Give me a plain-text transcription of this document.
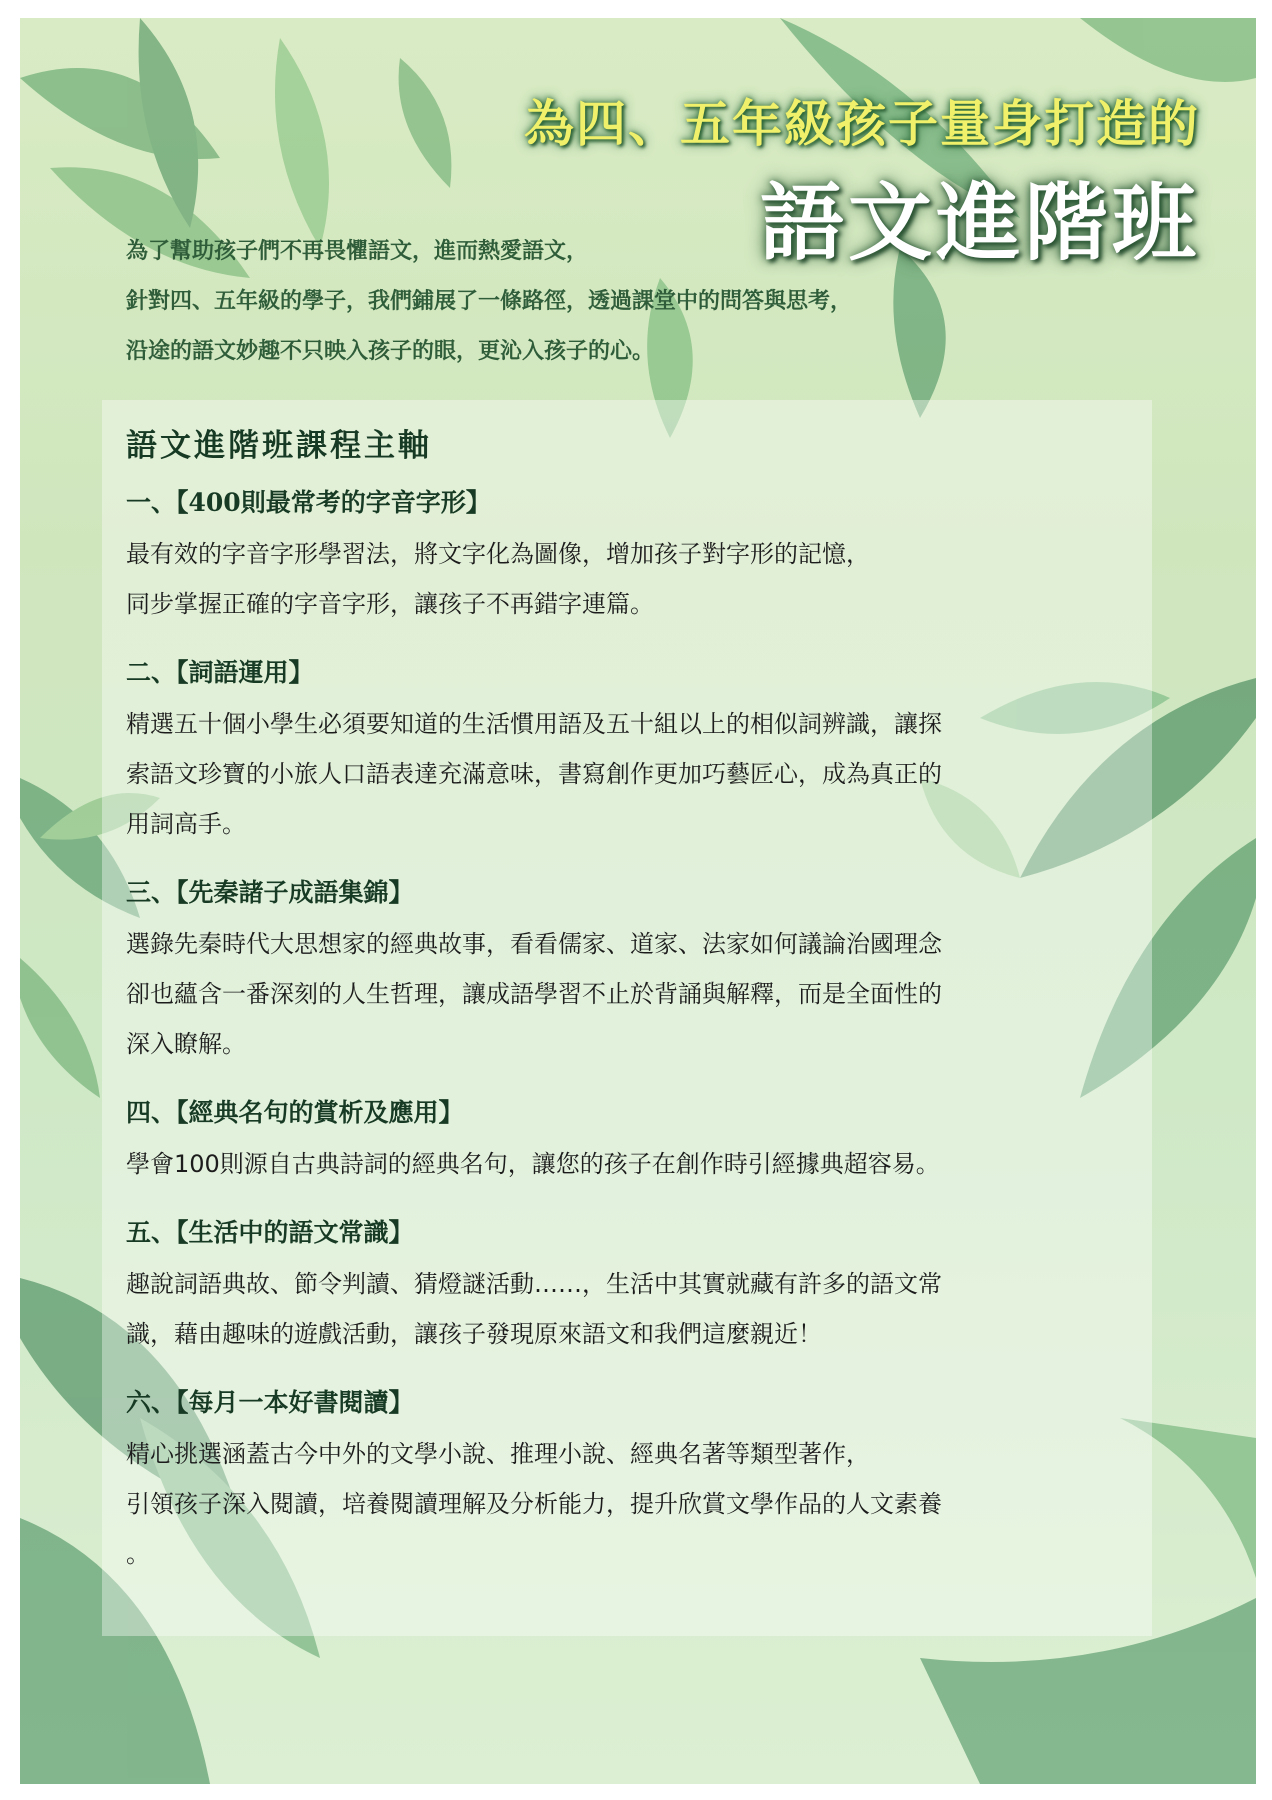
為四、五年級孩子量身打造的
語文進階班
為了幫助孩子們不再畏懼語文，進而熱愛語文，
針對四、五年級的學子，我們鋪展了一條路徑，透過課堂中的問答與思考，
沿途的語文妙趣不只映入孩子的眼，更沁入孩子的心。
語文進階班課程主軸
一、【400則最常考的字音字形】
最有效的字音字形學習法，將文字化為圖像，增加孩子對字形的記憶，
同步掌握正確的字音字形，讓孩子不再錯字連篇。
二、【詞語運用】
精選五十個小學生必須要知道的生活慣用語及五十組以上的相似詞辨識，讓探
索語文珍寶的小旅人口語表達充滿意味，書寫創作更加巧藝匠心，成為真正的
用詞高手。
三、【先秦諸子成語集錦】
選錄先秦時代大思想家的經典故事，看看儒家、道家、法家如何議論治國理念
卻也蘊含一番深刻的人生哲理，讓成語學習不止於背誦與解釋，而是全面性的
深入瞭解。
四、【經典名句的賞析及應用】
學會100則源自古典詩詞的經典名句，讓您的孩子在創作時引經據典超容易。
五、【生活中的語文常識】
趣說詞語典故、節令判讀、猜燈謎活動……，生活中其實就藏有許多的語文常
識，藉由趣味的遊戲活動，讓孩子發現原來語文和我們這麼親近！
六、【每月一本好書閱讀】
精心挑選涵蓋古今中外的文學小說、推理小說、經典名著等類型著作，
引領孩子深入閱讀，培養閱讀理解及分析能力，提升欣賞文學作品的人文素養
。
